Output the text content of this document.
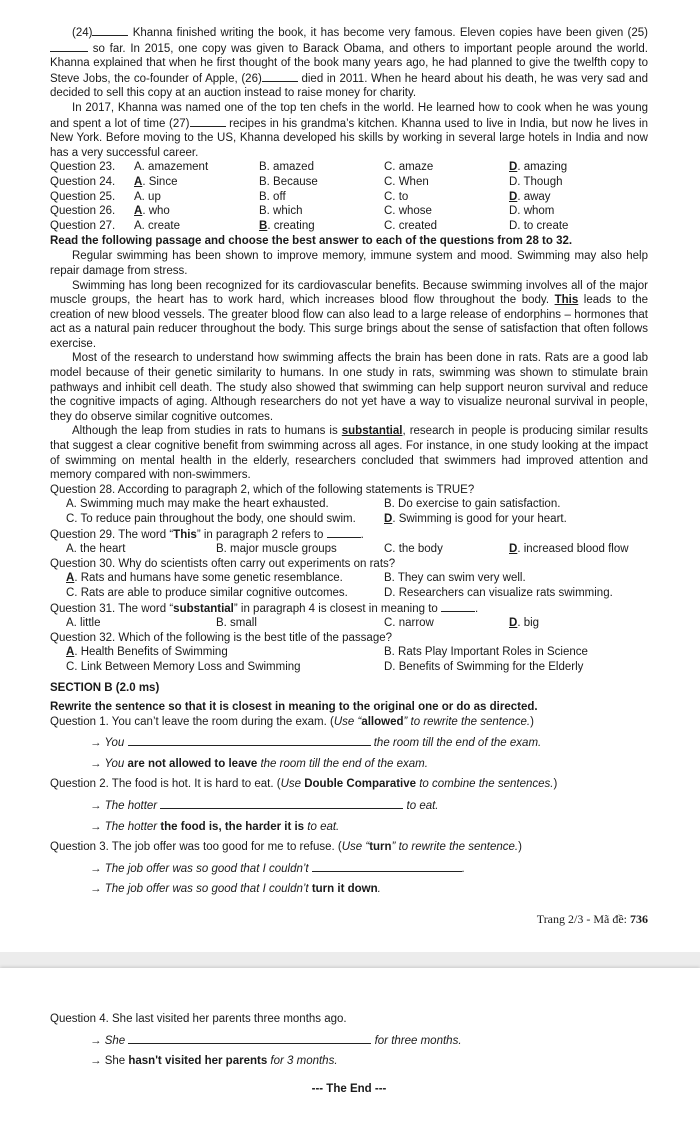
(24)	Khanna finished writing the book, it has become very famous. Eleven copies have been given (25) so far. In 2015, one copy was given to Barack Obama, and others to important people around the world. Khanna explained that when he first thought of the book many years ago, he had planned to give the twelfth copy to Steve Jobs, the co-founder of Apple, (26)	died in 2011. When he heard about his death, he was very sad and decided to sell this copy at an auction instead to raise money for charity.

In 2017, Khanna was named one of the top ten chefs in the world. He learned how to cook when he was young and spent a lot of time (27)	recipes in his grandma’s kitchen. Khanna used to live in India, but now he lives in New York. Before moving to the US, Khanna developed his skills by working in several large hotels in India and now has a very successful career.

Question 23.	A. amazement	B. amazed	C. amaze	D. amazing
Question 24.	A. Since	B. Because	C. When	D. Though
Question 25.	A. up	B. off	C. to	D. away
Question 26.	A. who	B. which	C. whose	D. whom
Question 27.	A. create	B. creating	C. created	D. to create

Read the following passage and choose the best answer to each of the questions from 28 to 32.

Regular swimming has been shown to improve memory, immune system and mood. Swimming may also help repair damage from stress.

Swimming has long been recognized for its cardiovascular benefits. Because swimming involves all of the major muscle groups, the heart has to work hard, which increases blood flow throughout the body. This leads to the creation of new blood vessels. The greater blood flow can also lead to a large release of endorphins – hormones that act as a natural pain reducer throughout the body. This surge brings about the sense of satisfaction that often follows exercise.

Most of the research to understand how swimming affects the brain has been done in rats. Rats are a good lab model because of their genetic similarity to humans. In one study in rats, swimming was shown to stimulate brain pathways and inhibit cell death. The study also showed that swimming can help support neuron survival and reduce the cognitive impacts of aging. Although researchers do not yet have a way to visualize neuronal survival in people, they do observe similar cognitive outcomes.

Although the leap from studies in rats to humans is substantial, research in people is producing similar results that suggest a clear cognitive benefit from swimming across all ages. For instance, in one study looking at the impact of swimming on mental health in the elderly, researchers concluded that swimmers had improved attention and memory compared with non-swimmers.

Question 28. According to paragraph 2, which of the following statements is TRUE?

A. Swimming much may make the heart exhausted.	B. Do exercise to gain satisfaction.
C. To reduce pain throughout the body, one should swim.	D. Swimming is good for your heart.

Question 29. The word “This” in paragraph 2 refers to	.

A. the heart	B. major muscle groups	C. the body	D. increased blood flow

Question 30. Why do scientists often carry out experiments on rats?

A. Rats and humans have some genetic resemblance.	B. They can swim very well.
C. Rats are able to produce similar cognitive outcomes.	D. Researchers can visualize rats swimming.

Question 31. The word “substantial” in paragraph 4 is closest in meaning to	.

A. little	B. small	C. narrow	D. big

Question 32. Which of the following is the best title of the passage?

A. Health Benefits of Swimming	B. Rats Play Important Roles in Science
C. Link Between Memory Loss and Swimming	D. Benefits of Swimming for the Elderly

SECTION B (2.0 ms)

Rewrite the sentence so that it is closest in meaning to the original one or do as directed.

Question 1. You can’t leave the room during the exam. (Use “allowed” to rewrite the sentence.)

→ You	the room till the end of the exam.

→ You are not allowed to leave the room till the end of the exam.

Question 2. The food is hot. It is hard to eat. (Use Double Comparative to combine the sentences.)

→ The hotter	to eat.

→ The hotter the food is, the harder it is to eat.

Question 3. The job offer was too good for me to refuse. (Use “turn” to rewrite the sentence.)

→ The job offer was so good that I couldn’t	.

→ The job offer was so good that I couldn’t turn it down.

Trang 2/3 - Mã đề: 736

Question 4. She last visited her parents three months ago.

→ She	for three months.

→ She hasn't visited her parents for 3 months.

--- The End ---
